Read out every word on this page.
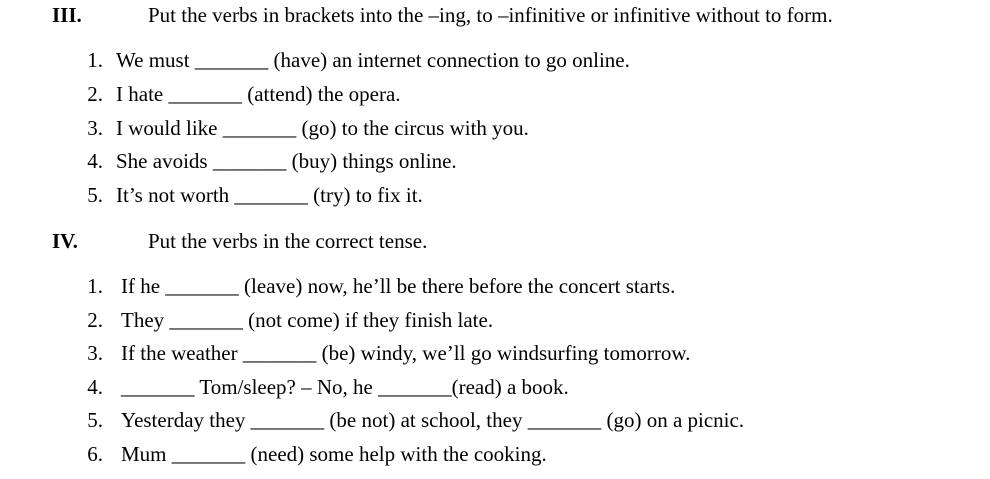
III.	Put the verbs in brackets into the –ing, to –infinitive or infinitive without to form.
1. We must _______ (have) an internet connection to go online.
2. I hate _______ (attend) the opera.
3. I would like _______ (go) to the circus with you.
4. She avoids _______ (buy) things online.
5. It’s not worth _______ (try) to fix it.
IV.	Put the verbs in the correct tense.
1. If he _______ (leave) now, he’ll be there before the concert starts.
2. They _______ (not come) if they finish late.
3. If the weather _______ (be) windy, we’ll go windsurfing tomorrow.
4. _______ Tom/sleep? – No, he _______(read) a book.
5. Yesterday they _______ (be not) at school, they _______ (go) on a picnic.
6. Mum _______ (need) some help with the cooking.
